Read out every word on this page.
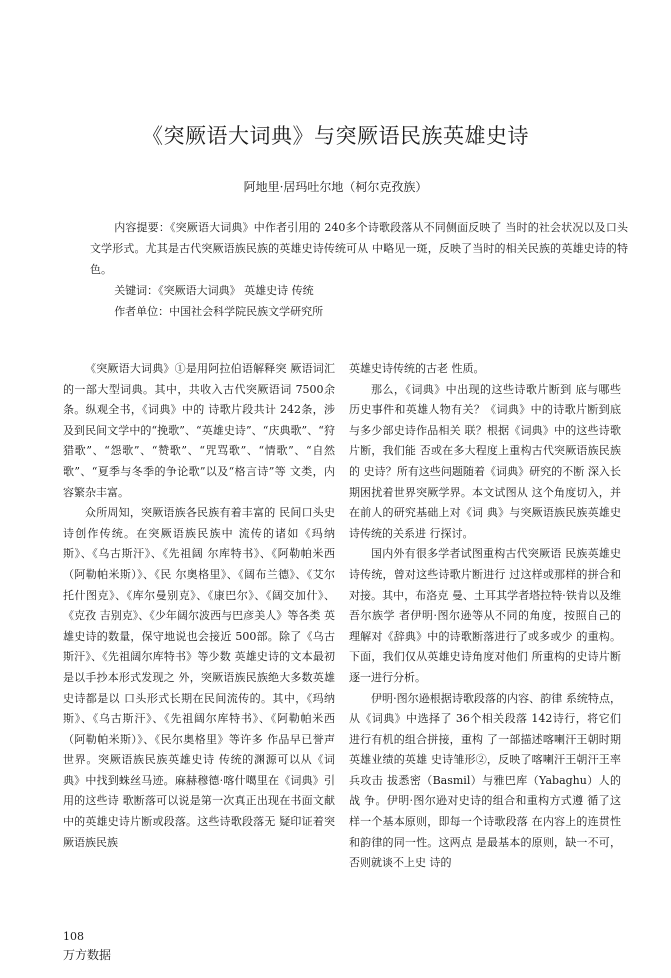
《突厥语大词典》与突厥语民族英雄史诗
阿地里·居玛吐尔地（柯尔克孜族）

内容提要：《突厥语大词典》中作者引用的 240多个诗歌段落从不同侧面反映了 当时的社会状况以及口头文学形式。尤其是古代突厥语族民族的英雄史诗传统可从 中略见一斑，反映了当时的相关民族的英雄史诗的特色。

关键词：《突厥语大词典》 英雄史诗 传统

作者单位：中国社会科学院民族文学研究所

《突厥语大词典》①是用阿拉伯语解释突 厥语词汇的一部大型词典。其中，共收入古代突厥语词 7500余条。纵观全书，《词典》中的 诗歌片段共计 242条，涉及到民间文学中的“挽歌”、“英雄史诗”、“庆典歌”、“狩猎歌”、“怨歌”、“赞歌”、“咒骂歌”、“情歌”、“自然 歌”、“夏季与冬季的争论歌”以及“格言诗”等 文类，内容繁杂丰富。

众所周知，突厥语族各民族有着丰富的 民间口头史诗创作传统。在突厥语族民族中 流传的诸如《玛纳斯》、《乌古斯汗》、《先祖阔 尔库特书》、《阿勒帕米西（阿勒帕米斯）》、《民 尔奥格里》、《阔布兰德》、《艾尔托什图克》、《库尔曼别克》、《康巴尔》、《阔交加什》、《克孜 吉别克》、《少年阔尔波西与巴彦美人》等各类 英雄史诗的数量，保守地说也会接近 500部。除了《乌古斯汗》、《先祖阔尔库特书》等少数 英雄史诗的文本最初是以手抄本形式发现之 外，突厥语族民族绝大多数英雄史诗都是以 口头形式长期在民间流传的。其中，《玛纳斯》、《乌古斯汗》、《先祖阔尔库特书》、《阿勒帕米西（阿勒帕米斯）》、《民尔奥格里》等许多 作品早已誉声世界。突厥语族民族英雄史诗 传统的渊源可以从《词典》中找到蛛丝马迹。麻赫穆德·喀什噶里在《词典》引用的这些诗 歌断落可以说是第一次真正出现在书面文献 中的英雄史诗片断或段落。这些诗歌段落无 疑印证着突厥语族民族

英雄史诗传统的古老 性质。

那么，《词典》中出现的这些诗歌片断到 底与哪些历史事件和英雄人物有关？《词典》中的诗歌片断到底与多少部史诗作品相关 联？根据《词典》中的这些诗歌片断，我们能 否或在多大程度上重构古代突厥语族民族的 史诗？所有这些问题随着《词典》研究的不断 深入长期困扰着世界突厥学界。本文试图从 这个角度切入，并在前人的研究基础上对《词 典》与突厥语族民族英雄史诗传统的关系进 行探讨。

国内外有很多学者试图重构古代突厥语 民族英雄史诗传统，曾对这些诗歌片断进行 过这样或那样的拼合和对接。其中，布洛克 曼、土耳其学者塔拉特·铁肯以及维吾尔族学 者伊明·图尔逊等从不同的角度，按照自己的 理解对《辞典》中的诗歌断落进行了或多或少 的重构。下面，我们仅从英雄史诗角度对他们 所重构的史诗片断逐一进行分析。

伊明·图尔逊根据诗歌段落的内容、韵律 系统特点，从《词典》中选择了 36个相关段落 142诗行，将它们进行有机的组合拼接，重构 了一部描述喀喇汗王朝时期英雄业绩的英雄 史诗雏形②，反映了喀喇汗王朝汗王率兵攻击 拔悉密（Basmil）与雅巴库（Yabaghu）人的战 争。伊明·图尔逊对史诗的组合和重构方式遵 循了这样一个基本原则，即每一个诗歌段落 在内容上的连贯性和韵律的同一性。这两点 是最基本的原则，缺一不可，否则就谈不上史 诗的

108
万方数据
